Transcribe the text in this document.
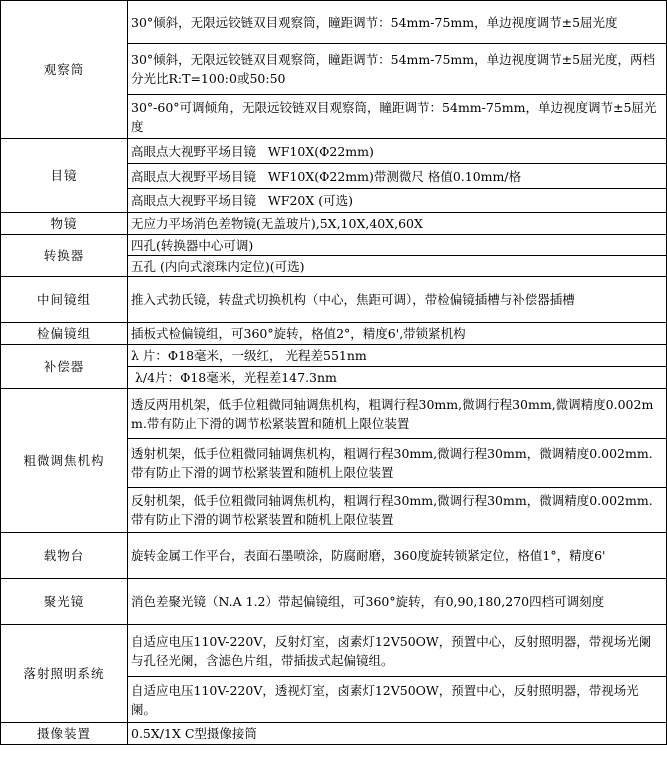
观察筒	30°倾斜，无限远铰链双目观察筒，瞳距调节：54mm-75mm，单边视度调节±5屈光度
	30°倾斜，无限远铰链双目观察筒，瞳距调节：54mm-75mm，单边视度调节±5屈光度，两档分光比R:T=100:0或50:50
	30°-60°可调倾角，无限远铰链双目观察筒，瞳距调节：54mm-75mm，单边视度调节±5屈光度
目镜	高眼点大视野平场目镜   WF10X(Φ22mm)
	高眼点大视野平场目镜   WF10X(Φ22mm)带测微尺 格值0.10mm/格
	高眼点大视野平场目镜   WF20X (可选)
物镜	无应力平场消色差物镜(无盖玻片),5X,10X,40X,60X
转换器	四孔(转换器中心可调)
	五孔 (内向式滚珠内定位)(可选)
中间镜组	推入式勃氏镜，转盘式切换机构（中心，焦距可调），带检偏镜插槽与补偿器插槽
检偏镜组	插板式检偏镜组，可360°旋转，格值2°，精度6',带锁紧机构
补偿器	λ 片：Φ18毫米，一级红， 光程差551nm
	λ/4片：Φ18毫米，光程差147.3nm
粗微调焦机构	透反两用机架，低手位粗微同轴调焦机构，粗调行程30mm,微调行程30mm,微调精度0.002mm.带有防止下滑的调节松紧装置和随机上限位装置
	透射机架，低手位粗微同轴调焦机构，粗调行程30mm,微调行程30mm，微调精度0.002mm.带有防止下滑的调节松紧装置和随机上限位装置
	反射机架，低手位粗微同轴调焦机构，粗调行程30mm,微调行程30mm，微调精度0.002mm.带有防止下滑的调节松紧装置和随机上限位装置
载物台	旋转金属工作平台，表面石墨喷涂，防腐耐磨，360度旋转锁紧定位，格值1°，精度6'
聚光镜	消色差聚光镜（N.A 1.2）带起偏镜组，可360°旋转，有0,90,180,270四档可调刻度
落射照明系统	自适应电压110V-220V，反射灯室，卤素灯12V50OW，预置中心，反射照明器，带视场光阑与孔径光阑，含滤色片组，带插拔式起偏镜组。
	自适应电压110V-220V，透视灯室，卤素灯12V50OW，预置中心，反射照明器，带视场光阑。
摄像装置	0.5X/1X C型摄像接筒
